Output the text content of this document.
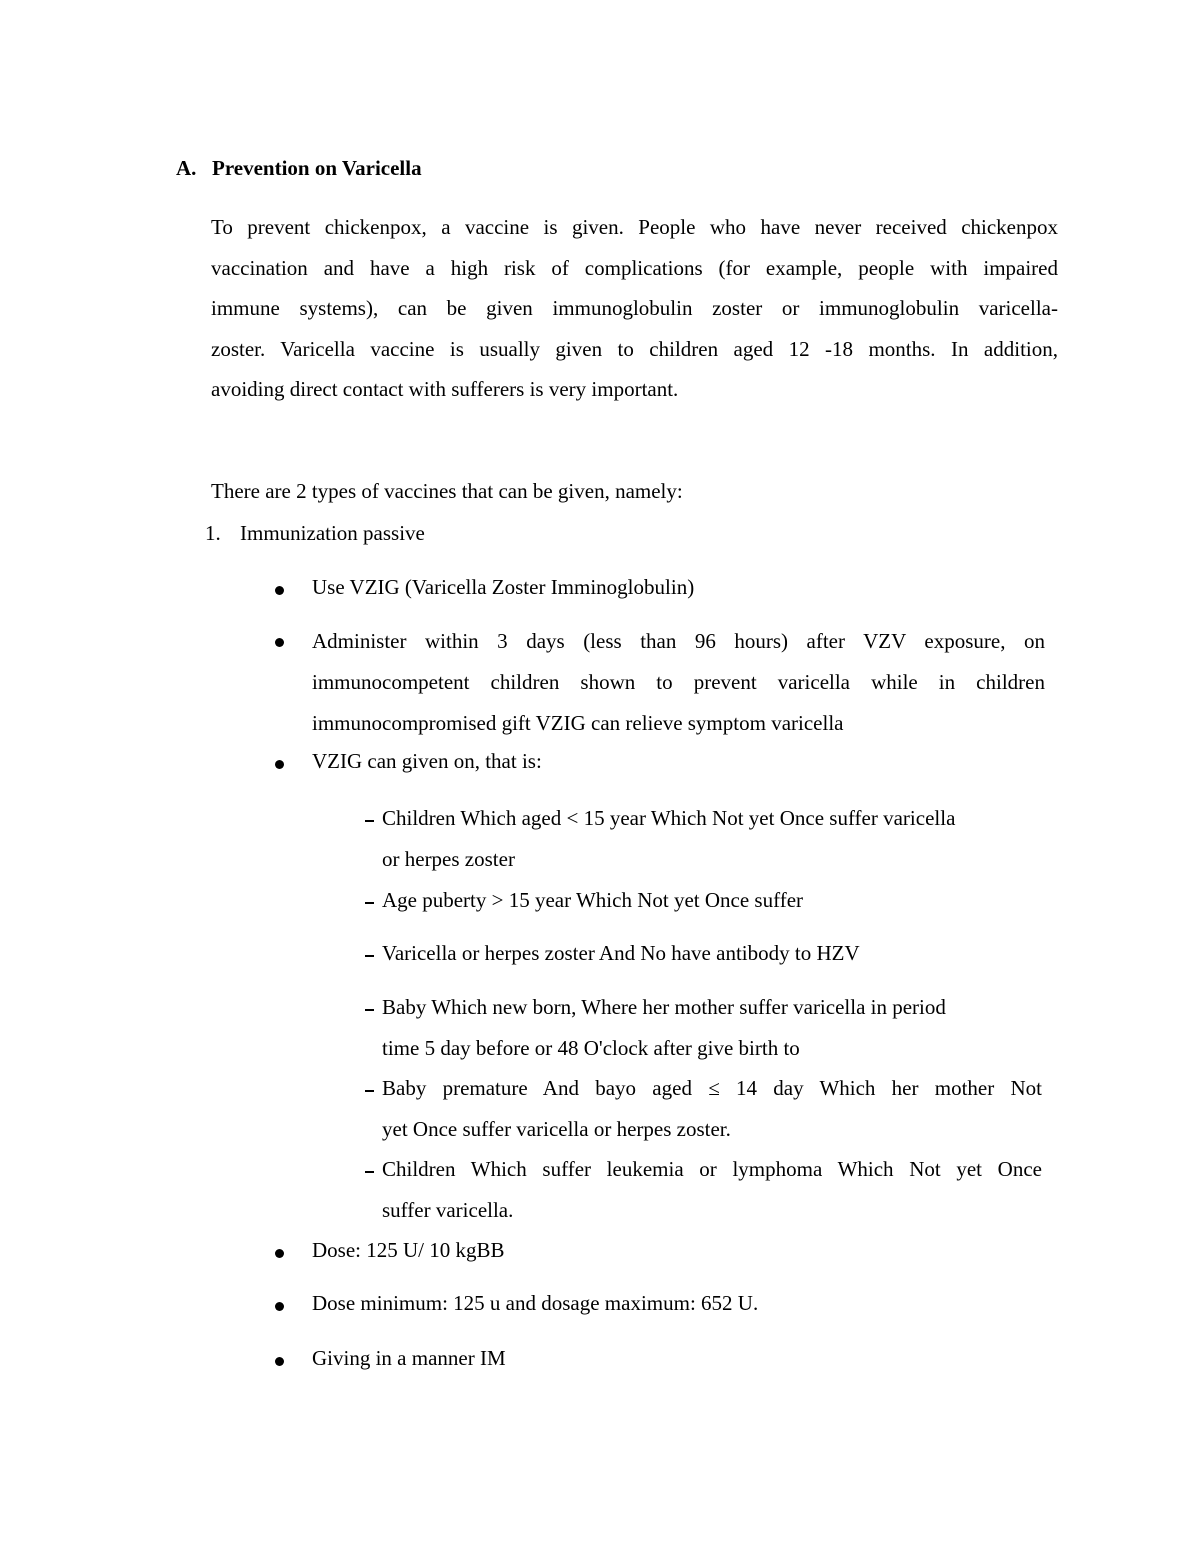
A. Prevention on Varicella
To prevent chickenpox, a vaccine is given. People who have never received chickenpox
vaccination and have a high risk of complications (for example, people with impaired
immune systems), can be given immunoglobulin zoster or immunoglobulin varicella-
zoster. Varicella vaccine is usually given to children aged 12 -18 months. In addition,
avoiding direct contact with sufferers is very important.
There are 2 types of vaccines that can be given, namely:
1. Immunization passive
Use VZIG (Varicella Zoster Imminoglobulin)
Administer within 3 days (less than 96 hours) after VZV exposure, on
immunocompetent children shown to prevent varicella while in children
immunocompromised gift VZIG can relieve symptom varicella
VZIG can given on, that is:
Children Which aged < 15 year Which Not yet Once suffer varicella
or herpes zoster
Age puberty > 15 year Which Not yet Once suffer
Varicella or herpes zoster And No have antibody to HZV
Baby Which new born, Where her mother suffer varicella in period
time 5 day before or 48 O'clock after give birth to
Baby premature And bayo aged ≤ 14 day Which her mother Not
yet Once suffer varicella or herpes zoster.
Children Which suffer leukemia or lymphoma Which Not yet Once
suffer varicella.
Dose: 125 U/ 10 kgBB
Dose minimum: 125 u and dosage maximum: 652 U.
Giving in a manner IM
